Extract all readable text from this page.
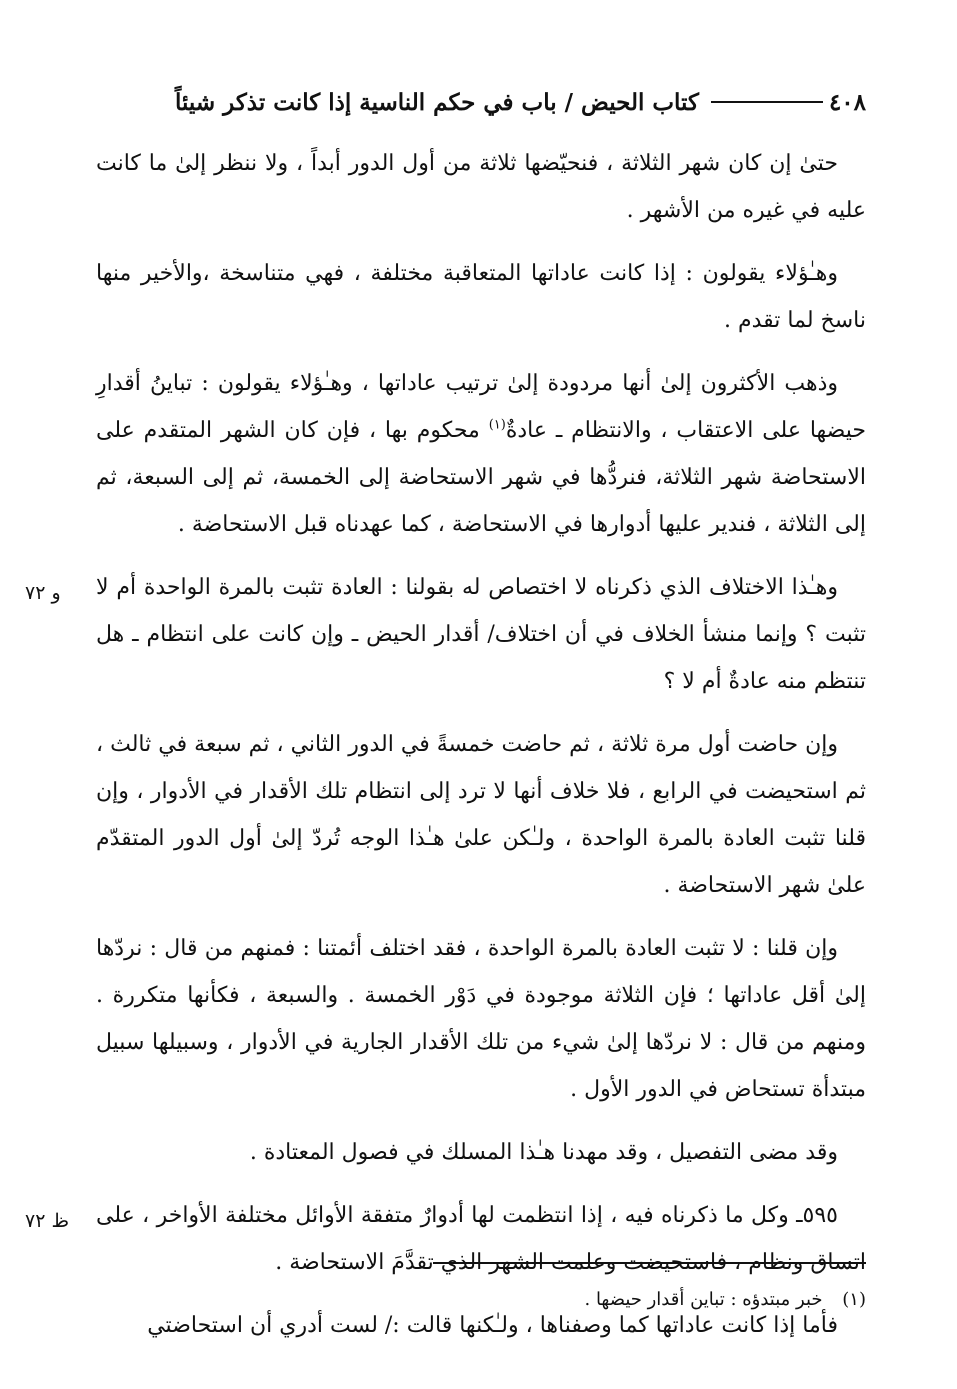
٤٠٨
كتاب الحيض / باب في حكم الناسية إذا كانت تذكر شيئاً

حتىٰ إن كان شهر الثلاثة ، فنحيّضها ثلاثة من أول الدور أبداً ، ولا ننظر إلىٰ ما كانت عليه في غيره من الأشهر .

وهـٰؤلاء يقولون : إذا كانت عاداتها المتعاقبة مختلفة ، فهي متناسخة ،والأخير منها ناسخ لما تقدم .

وذهب الأكثرون إلىٰ أنها مردودة إلىٰ ترتيب عاداتها ، وهـٰؤلاء يقولون : تباينُ أقدارِ حيضها على الاعتقاب ، والانتظام ـ عادةٌ$^{(١)}$ محكوم بها ، فإن كان الشهر المتقدم على الاستحاضة شهر الثلاثة، فنردُّها في شهر الاستحاضة إلى الخمسة، ثم إلى السبعة، ثم إلى الثلاثة ، فندير عليها أدوارها في الاستحاضة ، كما عهدناه قبل الاستحاضة .

وهـٰذا الاختلاف الذي ذكرناه لا اختصاص له بقولنا : العادة تثبت بالمرة الواحدة أم لا تثبت ؟ وإنما منشأ الخلاف في أن اختلاف/ أقدار الحيض ـ وإن كانت على انتظام ـ هل تنتظم منه عادةٌ أم لا ؟

وإن حاضت أول مرة ثلاثة ، ثم حاضت خمسةً في الدور الثاني ، ثم سبعة في ثالث ، ثم استحيضت في الرابع ، فلا خلاف أنها لا ترد إلى انتظام تلك الأقدار في الأدوار ، وإن قلنا تثبت العادة بالمرة الواحدة ، ولـٰكن علىٰ هـٰذا الوجه تُردّ إلىٰ أول الدور المتقدّم علىٰ شهر الاستحاضة .

وإن قلنا : لا تثبت العادة بالمرة الواحدة ، فقد اختلف أئمتنا : فمنهم من قال : نردّها إلىٰ أقل عاداتها ؛ فإن الثلاثة موجودة في دَوْر الخمسة . والسبعة ، فكأنها متكررة . ومنهم من قال : لا نردّها إلىٰ شيء من تلك الأقدار الجارية في الأدوار ، وسبيلها سبيل مبتدأة تستحاض في الدور الأول .

وقد مضى التفصيل ، وقد مهدنا هـٰذا المسلك في فصول المعتادة .

٥٩٥ـ وكل ما ذكرناه فيه ، إذا انتظمت لها أدوارٌ متفقة الأوائل مختلفة الأواخر ، على اتساق ونظام ، فاستحيضت وعلمت الشهر الذي تقدَّمَ الاستحاضة .

فأما إذا كانت عاداتها كما وصفناها ، ولـٰكنها قالت :/ لست أدري أن استحاضتي

و ٧٢
ظ ٧٢
(١) خبر مبتدؤه : تباين أقدار حيضها .
